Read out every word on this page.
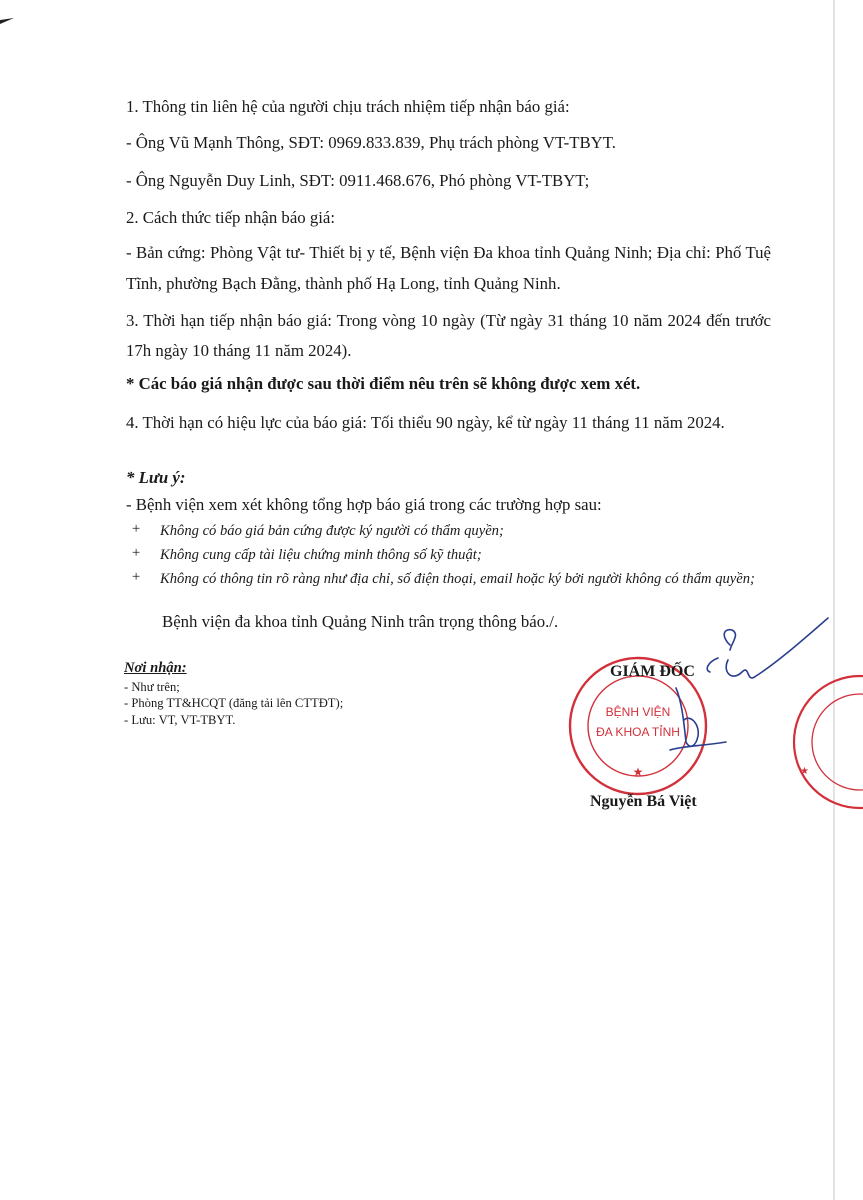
1. Thông tin liên hệ của người chịu trách nhiệm tiếp nhận báo giá:
- Ông Vũ Mạnh Thông, SĐT: 0969.833.839, Phụ trách phòng VT-TBYT.
- Ông Nguyễn Duy Linh, SĐT: 0911.468.676, Phó phòng VT-TBYT;
2. Cách thức tiếp nhận báo giá:
- Bản cứng: Phòng Vật tư- Thiết bị y tế, Bệnh viện Đa khoa tỉnh Quảng Ninh; Địa chỉ: Phố Tuệ Tĩnh, phường Bạch Đằng, thành phố Hạ Long, tỉnh Quảng Ninh.
3. Thời hạn tiếp nhận báo giá: Trong vòng 10 ngày (Từ ngày 31 tháng 10 năm 2024 đến trước 17h ngày 10 tháng 11 năm 2024).
* Các báo giá nhận được sau thời điểm nêu trên sẽ không được xem xét.
4. Thời hạn có hiệu lực của báo giá: Tối thiểu 90 ngày, kể từ ngày 11 tháng 11 năm 2024.
* Lưu ý:
- Bệnh viện xem xét không tổng hợp báo giá trong các trường hợp sau:
+ Không có báo giá bản cứng được ký người có thẩm quyền;
+ Không cung cấp tài liệu chứng minh thông số kỹ thuật;
+ Không có thông tin rõ ràng như địa chỉ, số điện thoại, email hoặc ký bởi người không có thẩm quyền;
Bệnh viện đa khoa tỉnh Quảng Ninh trân trọng thông báo./.
Nơi nhận:
- Như trên;
- Phòng TT&HCQT (đăng tải lên CTTĐT);
- Lưu: VT, VT-TBYT.
BỆNH VIỆN
ĐA KHOA TỈNH
★	★
GIÁM ĐỐC
Nguyễn Bá Việt
